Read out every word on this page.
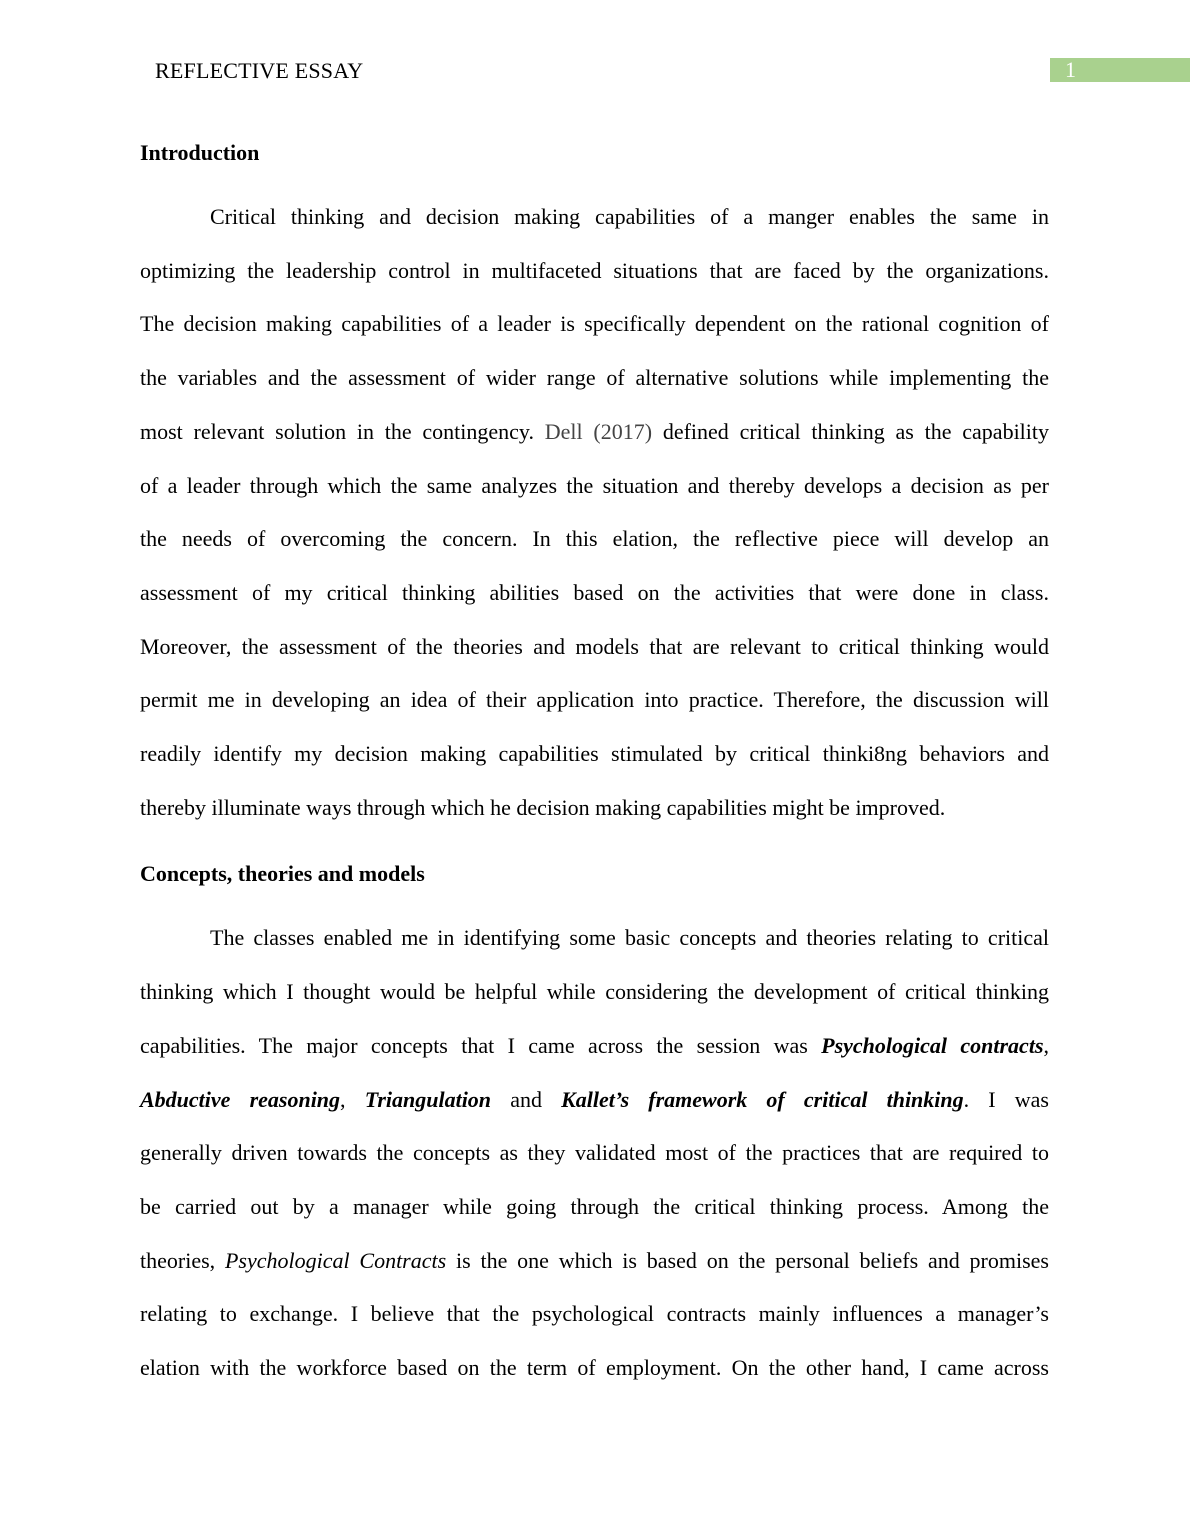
REFLECTIVE ESSAY	1
Introduction
Critical thinking and decision making capabilities of a manger enables the same in
optimizing the leadership control in multifaceted situations that are faced by the organizations.
The decision making capabilities of a leader is specifically dependent on the rational cognition of
the variables and the assessment of wider range of alternative solutions while implementing the
most relevant solution in the contingency. Dell (2017) defined critical thinking as the capability
of a leader through which the same analyzes the situation and thereby develops a decision as per
the needs of overcoming the concern. In this elation, the reflective piece will develop an
assessment of my critical thinking abilities based on the activities that were done in class.
Moreover, the assessment of the theories and models that are relevant to critical thinking would
permit me in developing an idea of their application into practice. Therefore, the discussion will
readily identify my decision making capabilities stimulated by critical thinki8ng behaviors and
thereby illuminate ways through which he decision making capabilities might be improved.
Concepts, theories and models
The classes enabled me in identifying some basic concepts and theories relating to critical
thinking which I thought would be helpful while considering the development of critical thinking
capabilities. The major concepts that I came across the session was Psychological contracts,
Abductive reasoning, Triangulation and Kallet’s framework of critical thinking. I was
generally driven towards the concepts as they validated most of the practices that are required to
be carried out by a manager while going through the critical thinking process. Among the
theories, Psychological Contracts is the one which is based on the personal beliefs and promises
relating to exchange. I believe that the psychological contracts mainly influences a manager’s
elation with the workforce based on the term of employment. On the other hand, I came across
